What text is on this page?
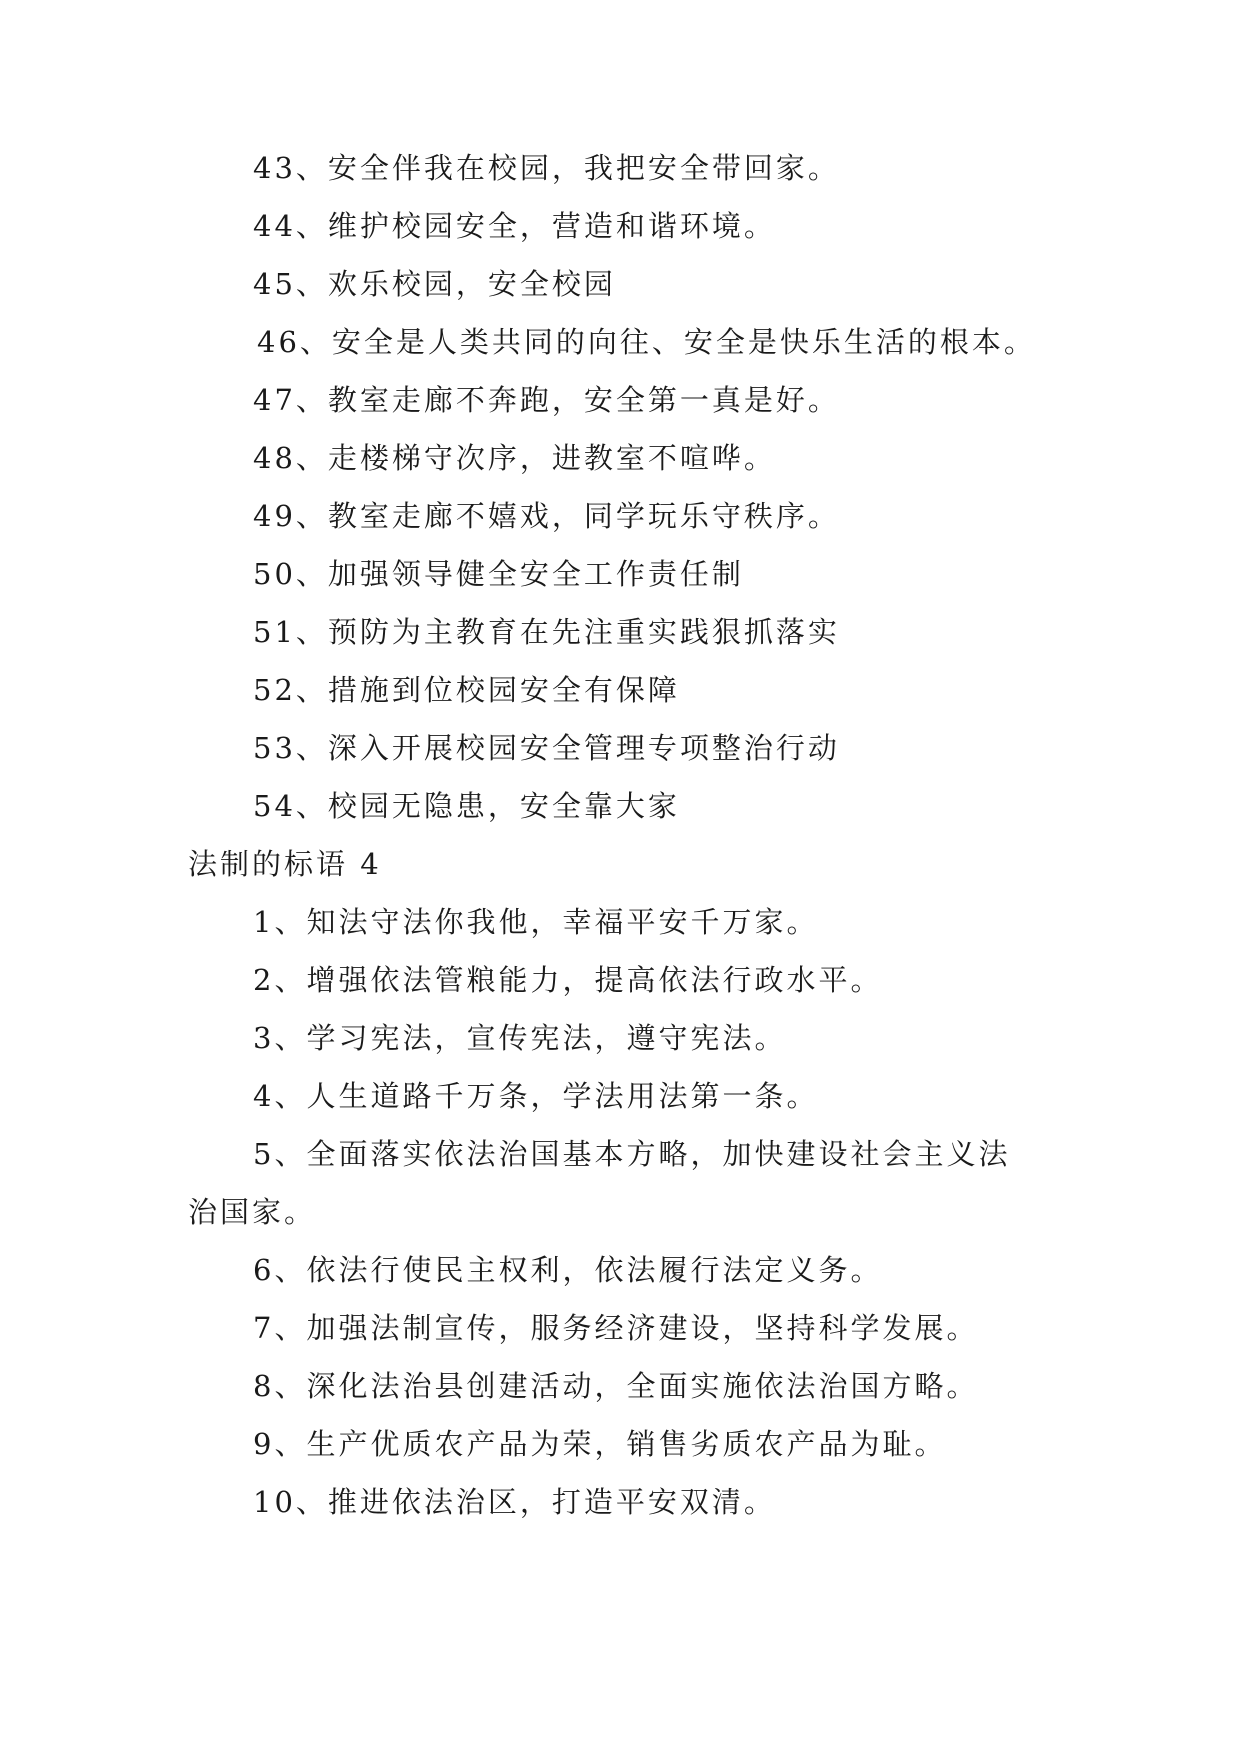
43、安全伴我在校园，我把安全带回家。
44、维护校园安全，营造和谐环境。
45、欢乐校园，安全校园
46、安全是人类共同的向往、安全是快乐生活的根本。
47、教室走廊不奔跑，安全第一真是好。
48、走楼梯守次序，进教室不喧哗。
49、教室走廊不嬉戏，同学玩乐守秩序。
50、加强领导健全安全工作责任制
51、预防为主教育在先注重实践狠抓落实
52、措施到位校园安全有保障
53、深入开展校园安全管理专项整治行动
54、校园无隐患，安全靠大家
法制的标语 4
1、知法守法你我他，幸福平安千万家。
2、增强依法管粮能力，提高依法行政水平。
3、学习宪法，宣传宪法，遵守宪法。
4、人生道路千万条，学法用法第一条。
5、全面落实依法治国基本方略，加快建设社会主义法
治国家。
6、依法行使民主权利，依法履行法定义务。
7、加强法制宣传，服务经济建设，坚持科学发展。
8、深化法治县创建活动，全面实施依法治国方略。
9、生产优质农产品为荣，销售劣质农产品为耻。
10、推进依法治区，打造平安双清。
